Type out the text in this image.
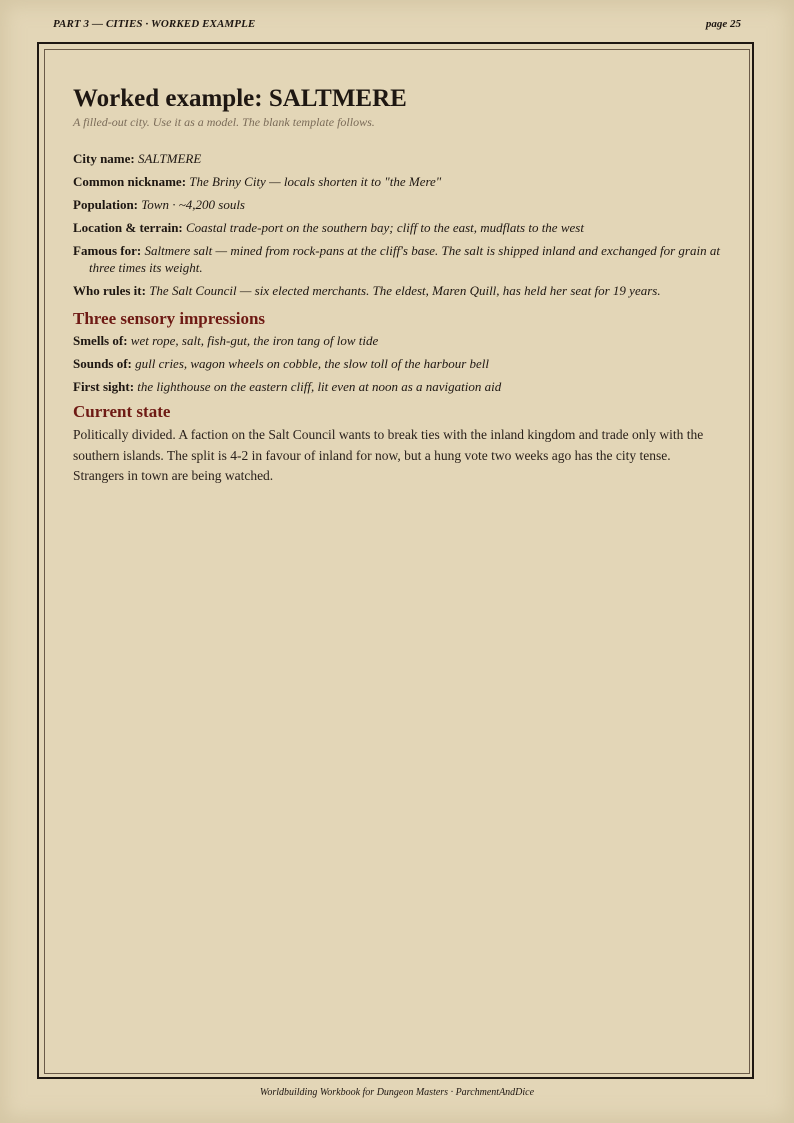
PART 3 — CITIES · WORKED EXAMPLE	page 25
Worked example: SALTMERE

A filled-out city. Use it as a model. The blank template follows.

City name: SALTMERE

Common nickname: The Briny City — locals shorten it to "the Mere"

Population: Town · ~4,200 souls

Location & terrain: Coastal trade-port on the southern bay; cliff to the east, mudflats to the west

Famous for: Saltmere salt — mined from rock-pans at the cliff's base. The salt is shipped inland and exchanged for grain at three times its weight.

Who rules it: The Salt Council — six elected merchants. The eldest, Maren Quill, has held her seat for 19 years.

Three sensory impressions

Smells of: wet rope, salt, fish-gut, the iron tang of low tide

Sounds of: gull cries, wagon wheels on cobble, the slow toll of the harbour bell

First sight: the lighthouse on the eastern cliff, lit even at noon as a navigation aid

Current state

Politically divided. A faction on the Salt Council wants to break ties with the inland kingdom and trade only with the southern islands. The split is 4-2 in favour of inland for now, but a hung vote two weeks ago has the city tense. Strangers in town are being watched.

Worldbuilding Workbook for Dungeon Masters · ParchmentAndDice
